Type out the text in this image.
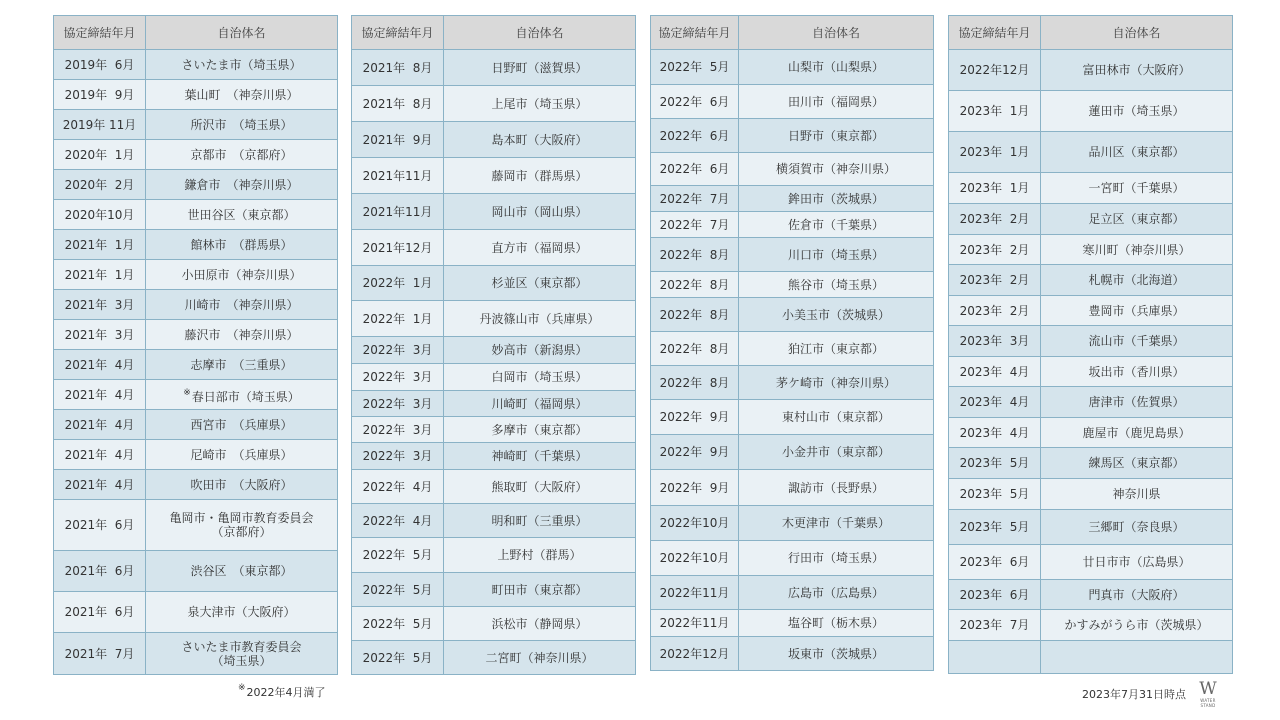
協定締結年月	自治体名
2019年  6月	さいたま市（埼玉県）
2019年  9月	葉山町　（神奈川県）
2019年 11月	所沢市　（埼玉県）
2020年  1月	京都市　（京都府）
2020年  2月	鎌倉市　（神奈川県）
2020年10月	世田谷区（東京都）
2021年  1月	館林市　（群馬県）
2021年  1月	小田原市（神奈川県）
2021年  3月	川崎市　（神奈川県）
2021年  3月	藤沢市　（神奈川県）
2021年  4月	志摩市　（三重県）
2021年  4月	※春日部市（埼玉県）
2021年  4月	西宮市　（兵庫県）
2021年  4月	尼崎市　（兵庫県）
2021年  4月	吹田市　（大阪府）
2021年  6月	亀岡市・亀岡市教育委員会
（京都府）
2021年  6月	渋谷区　（東京都）
2021年  6月	泉大津市（大阪府）
2021年  7月	さいたま市教育委員会
（埼玉県）
協定締結年月	自治体名
2021年  8月	日野町（滋賀県）
2021年  8月	上尾市（埼玉県）
2021年  9月	島本町（大阪府）
2021年11月	藤岡市（群馬県）
2021年11月	岡山市（岡山県）
2021年12月	直方市（福岡県）
2022年  1月	杉並区（東京都）
2022年  1月	丹波篠山市（兵庫県）
2022年  3月	妙高市（新潟県）
2022年  3月	白岡市（埼玉県）
2022年  3月	川崎町（福岡県）
2022年  3月	多摩市（東京都）
2022年  3月	神崎町（千葉県）
2022年  4月	熊取町（大阪府）
2022年  4月	明和町（三重県）
2022年  5月	上野村（群馬）
2022年  5月	町田市（東京都）
2022年  5月	浜松市（静岡県）
2022年  5月	二宮町（神奈川県）
協定締結年月	自治体名
2022年  5月	山梨市（山梨県）
2022年  6月	田川市（福岡県）
2022年  6月	日野市（東京都）
2022年  6月	横須賀市（神奈川県）
2022年  7月	鉾田市（茨城県）
2022年  7月	佐倉市（千葉県）
2022年  8月	川口市（埼玉県）
2022年  8月	熊谷市（埼玉県）
2022年  8月	小美玉市（茨城県）
2022年  8月	狛江市（東京都）
2022年  8月	茅ケ崎市（神奈川県）
2022年  9月	東村山市（東京都）
2022年  9月	小金井市（東京都）
2022年  9月	諏訪市（長野県）
2022年10月	木更津市（千葉県）
2022年10月	行田市（埼玉県）
2022年11月	広島市（広島県）
2022年11月	塩谷町（栃木県）
2022年12月	坂東市（茨城県）
協定締結年月	自治体名
2022年12月	富田林市（大阪府）
2023年  1月	蓮田市（埼玉県）
2023年  1月	品川区（東京都）
2023年  1月	一宮町（千葉県）
2023年  2月	足立区（東京都）
2023年  2月	寒川町（神奈川県）
2023年  2月	札幌市（北海道）
2023年  2月	豊岡市（兵庫県）
2023年  3月	流山市（千葉県）
2023年  4月	坂出市（香川県）
2023年  4月	唐津市（佐賀県）
2023年  4月	鹿屋市（鹿児島県）
2023年  5月	練馬区（東京都）
2023年  5月	神奈川県
2023年  5月	三郷町（奈良県）
2023年  6月	廿日市市（広島県）
2023年  6月	門真市（大阪府）
2023年  7月	かすみがうら市（茨城県）

※2022年4月満了	2023年7月31日時点 W
WATER STAND
